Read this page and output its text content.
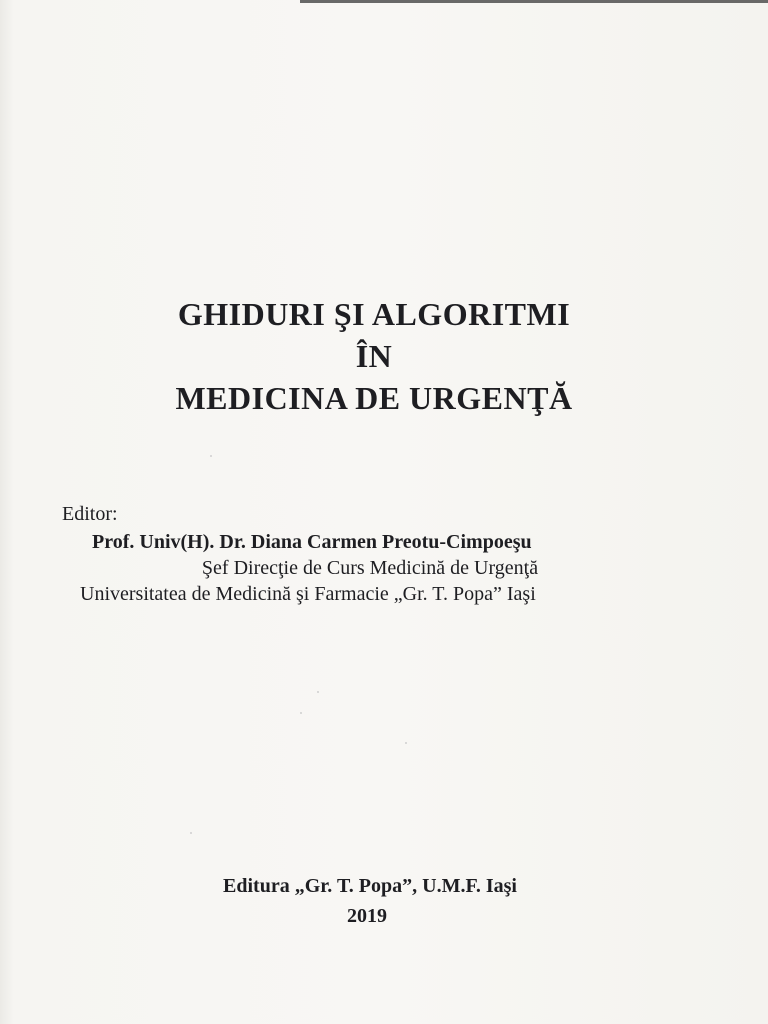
GHIDURI ŞI ALGORITMI
ÎN
MEDICINA DE URGENŢĂ
Editor:
Prof. Univ(H). Dr. Diana Carmen Preotu-Cimpoeşu
Şef Direcţie de Curs Medicină de Urgenţă
Universitatea de Medicină şi Farmacie „Gr. T. Popa” Iaşi
Editura „Gr. T. Popa”, U.M.F. Iaşi
2019
